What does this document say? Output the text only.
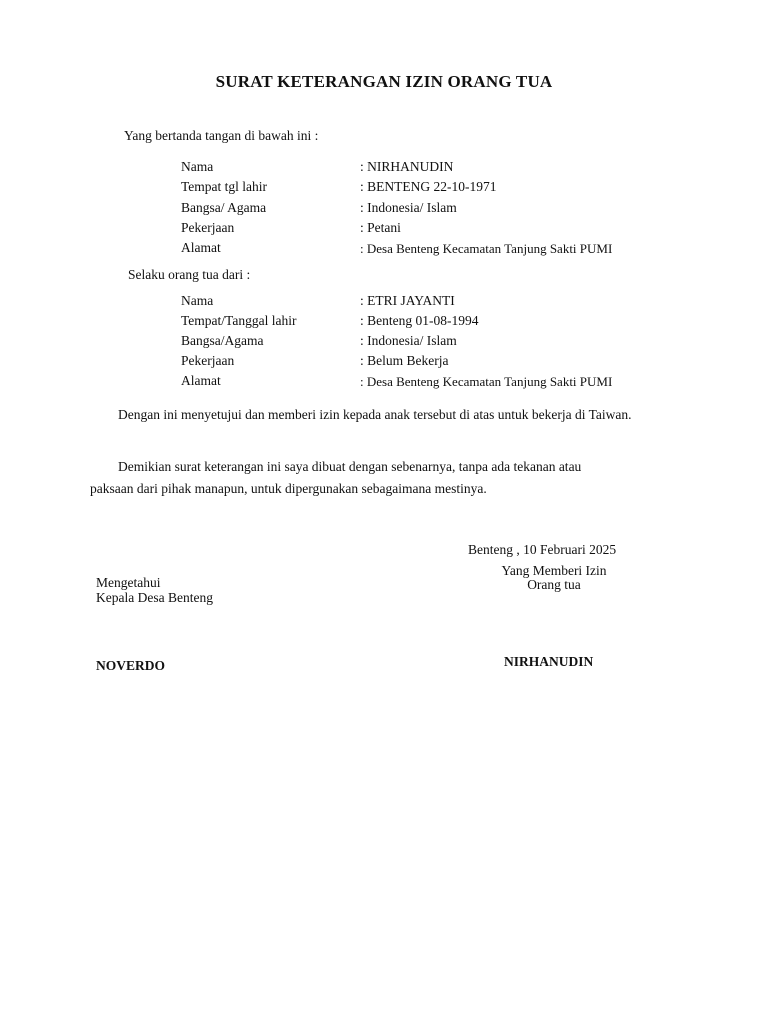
SURAT KETERANGAN IZIN ORANG TUA
Yang bertanda tangan di bawah ini :
Nama	: NIRHANUDIN
Tempat tgl lahir	: BENTENG 22-10-1971
Bangsa/ Agama	: Indonesia/ Islam
Pekerjaan	: Petani
Alamat	: Desa Benteng Kecamatan Tanjung Sakti PUMI
Selaku orang tua dari :
Nama	: ETRI JAYANTI
Tempat/Tanggal lahir	: Benteng 01-08-1994
Bangsa/Agama	: Indonesia/ Islam
Pekerjaan	: Belum Bekerja
Alamat	: Desa Benteng Kecamatan Tanjung Sakti PUMI
Dengan ini menyetujui dan memberi izin kepada anak tersebut di atas untuk bekerja di Taiwan.
Demikian surat keterangan ini saya dibuat dengan sebenarnya, tanpa ada tekanan atau
paksaan dari pihak manapun, untuk dipergunakan sebagaimana mestinya.
Benteng , 10 Februari 2025
Yang Memberi Izin
Orang tua
Mengetahui
Kepala Desa Benteng
NOVERDO	NIRHANUDIN
